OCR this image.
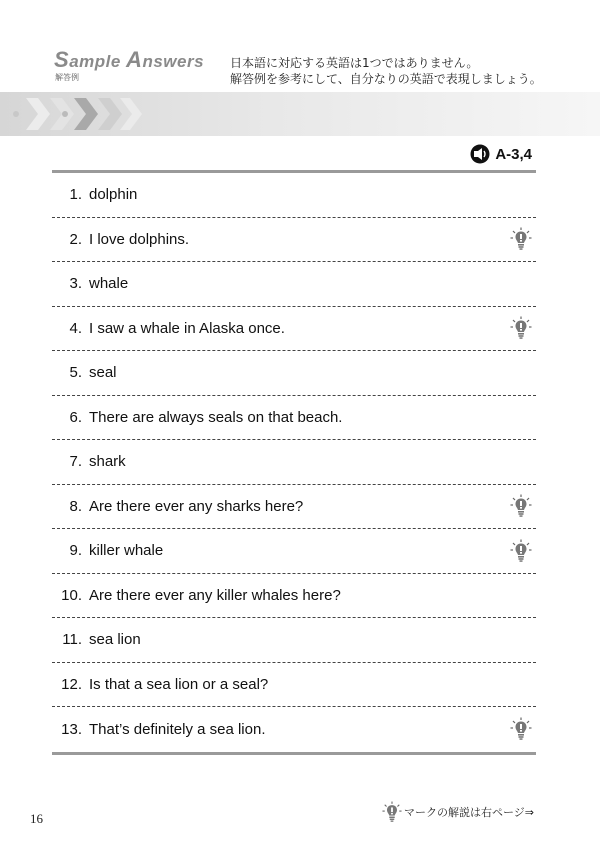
Sample Answers
解答例
日本語に対応する英語は1つではありません。
解答例を参考にして、自分なりの英語で表現しましょう。
A-3,4
1. dolphin
2. I love dolphins.
3. whale
4. I saw a whale in Alaska once.
5. seal
6. There are always seals on that beach.
7. shark
8. Are there ever any sharks here?
9. killer whale
10. Are there ever any killer whales here?
11. sea lion
12. Is that a sea lion or a seal?
13. That’s definitely a sea lion.
16	マークの解説は右ページ⇒
